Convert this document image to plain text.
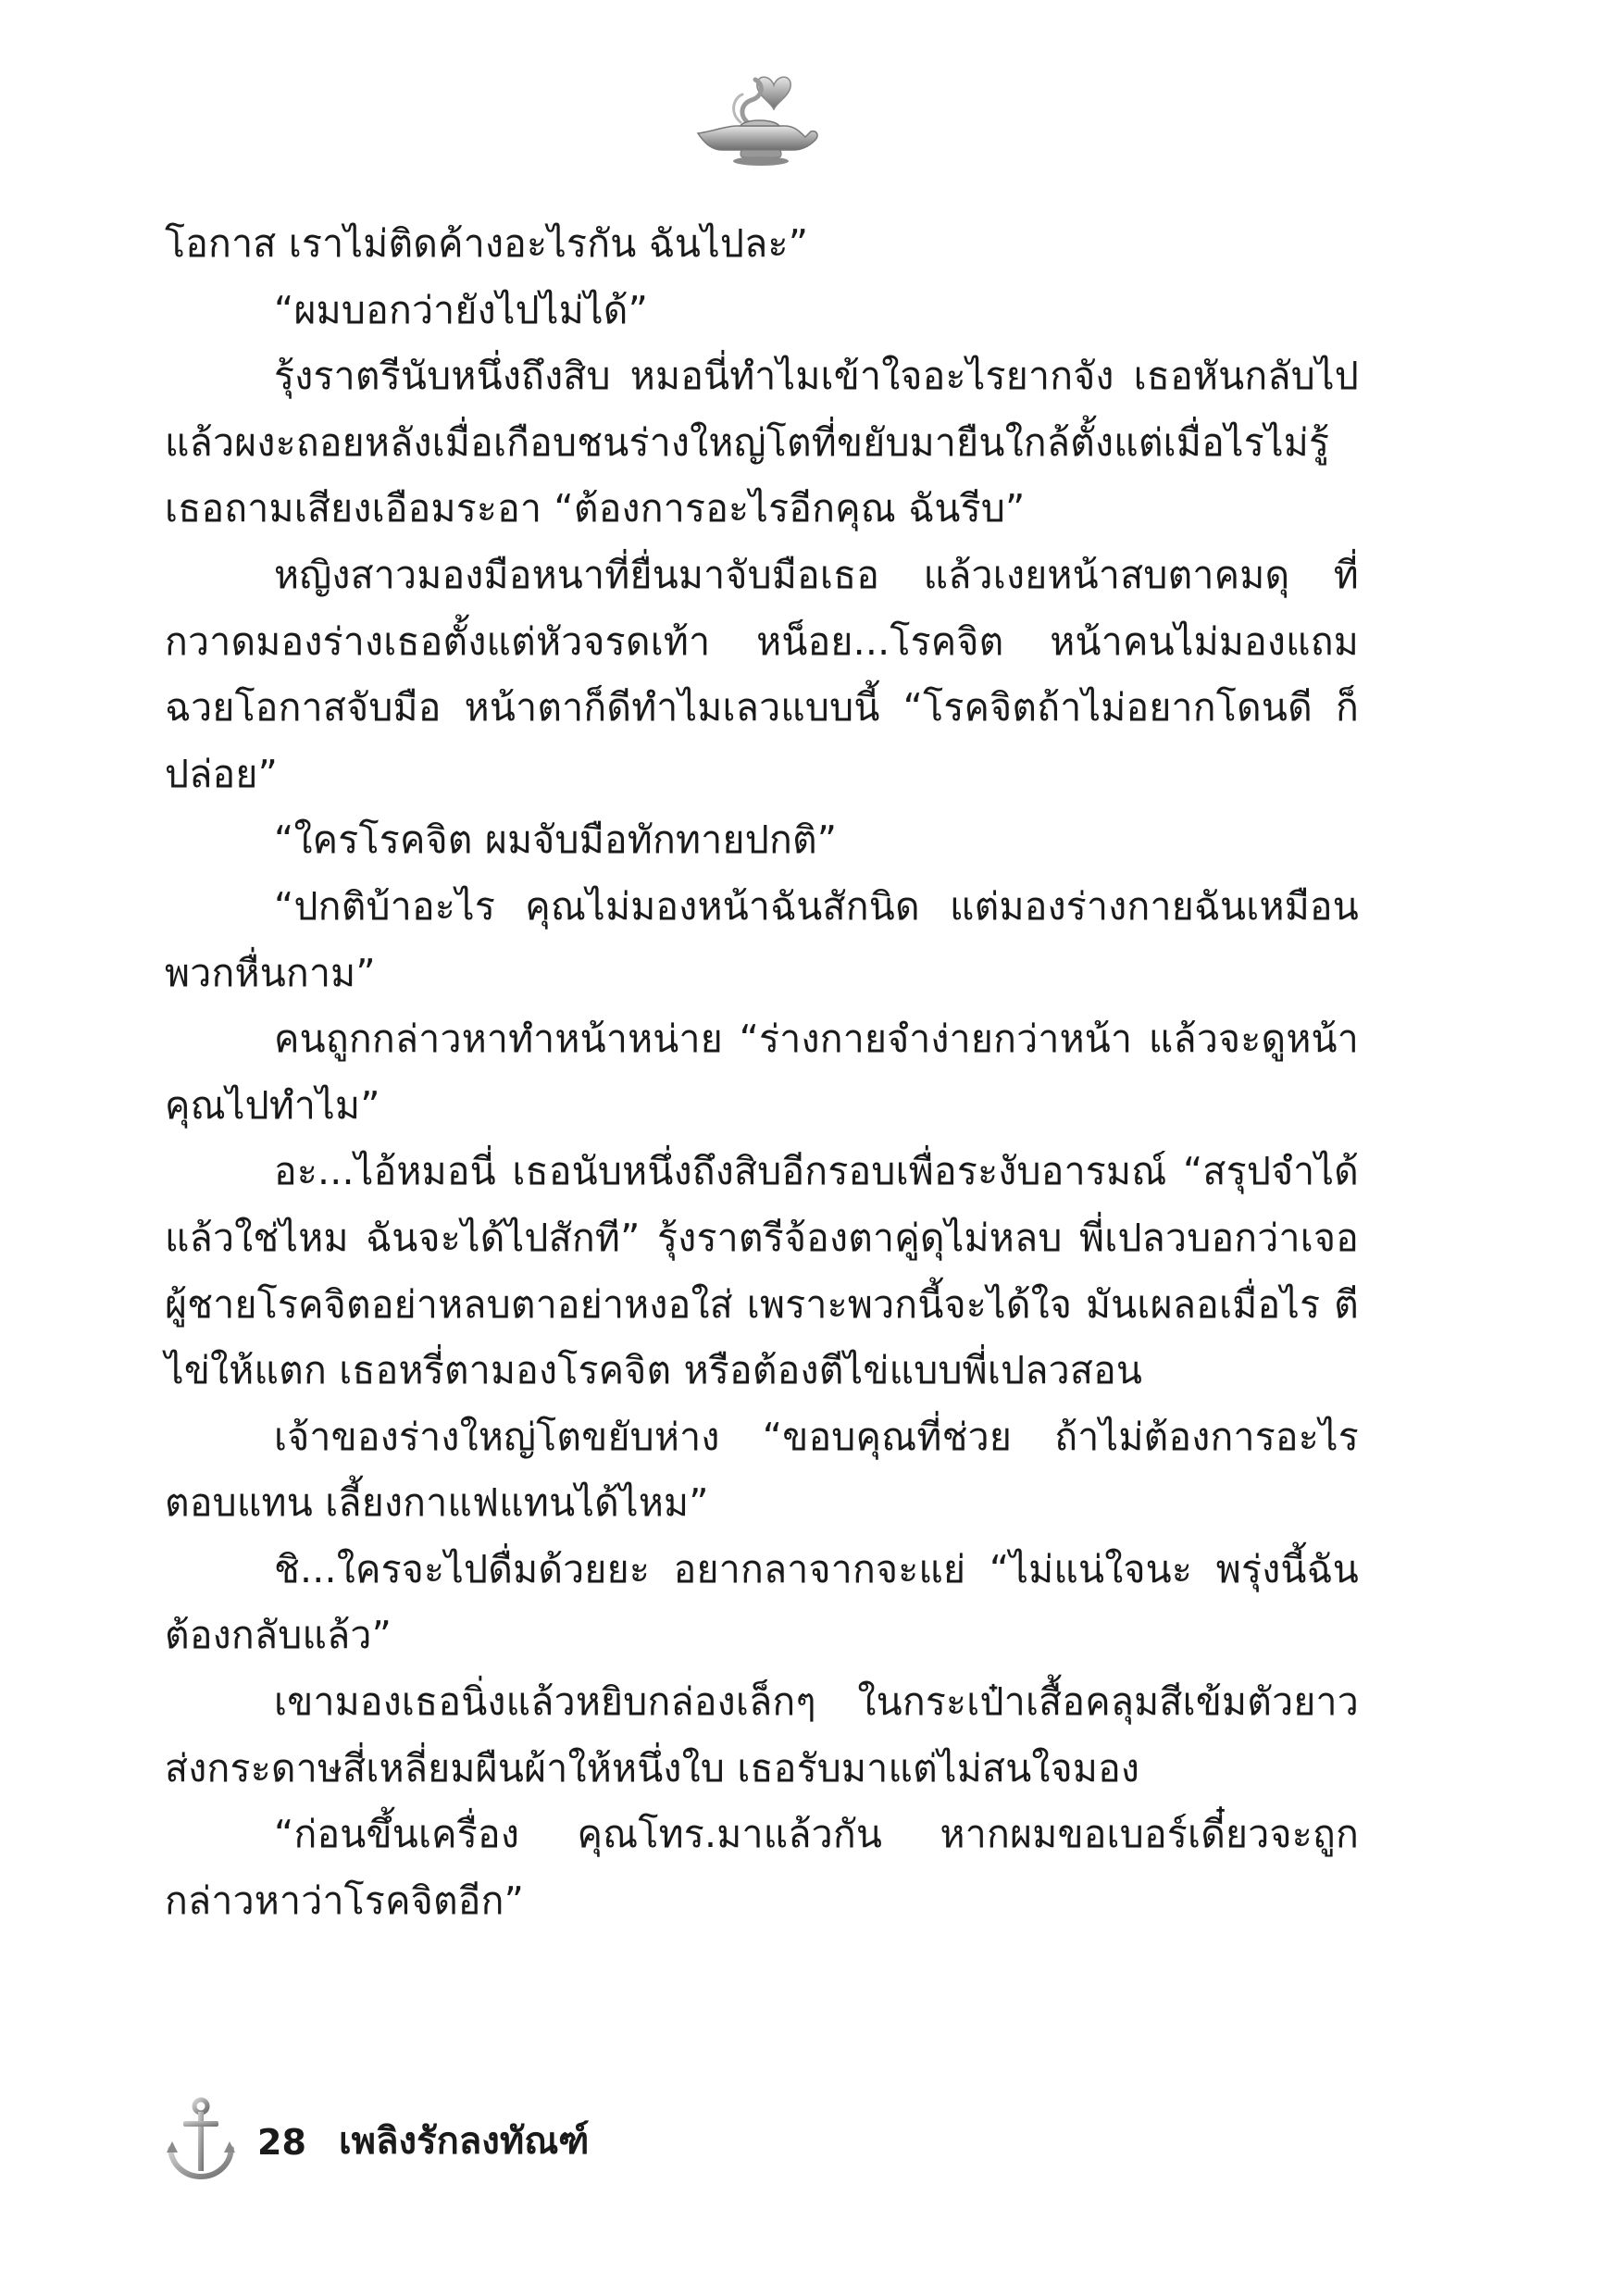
โอกาส เราไม่ติดค้างอะไรกัน ฉันไปละ”

“ผมบอกว่ายังไปไม่ได้”

รุ้งราตรีนับหนึ่งถึงสิบ หมอนี่ทำไมเข้าใจอะไรยากจัง เธอหันกลับไป แล้วผงะถอยหลังเมื่อเกือบชนร่างใหญ่โตที่ขยับมายืนใกล้ตั้งแต่เมื่อไรไม่รู้ เธอถามเสียงเอือมระอา “ต้องการอะไรอีกคุณ ฉันรีบ”

หญิงสาวมองมือหนาที่ยื่นมาจับมือเธอ แล้วเงยหน้าสบตาคมดุ ที่กวาดมองร่างเธอตั้งแต่หัวจรดเท้า หน็อย...โรคจิต หน้าคนไม่มองแถม ฉวยโอกาสจับมือ หน้าตาก็ดีทำไมเลวแบบนี้ “โรคจิตถ้าไม่อยากโดนดี ก็ปล่อย”

“ใครโรคจิต ผมจับมือทักทายปกติ”

“ปกติบ้าอะไร คุณไม่มองหน้าฉันสักนิด แต่มองร่างกายฉันเหมือน พวกหื่นกาม”

คนถูกกล่าวหาทำหน้าหน่าย “ร่างกายจำง่ายกว่าหน้า แล้วจะดูหน้า คุณไปทำไม”

อะ...ไอ้หมอนี่ เธอนับหนึ่งถึงสิบอีกรอบเพื่อระงับอารมณ์ “สรุปจำได้ แล้วใช่ไหม ฉันจะได้ไปสักที” รุ้งราตรีจ้องตาคู่ดุไม่หลบ พี่เปลวบอกว่าเจอ ผู้ชายโรคจิตอย่าหลบตาอย่าหงอใส่ เพราะพวกนี้จะได้ใจ มันเผลอเมื่อไร ตีไข่ให้แตก เธอหรี่ตามองโรคจิต หรือต้องตีไข่แบบพี่เปลวสอน

เจ้าของร่างใหญ่โตขยับห่าง “ขอบคุณที่ช่วย ถ้าไม่ต้องการอะไร ตอบแทน เลี้ยงกาแฟแทนได้ไหม”

ชิ...ใครจะไปดื่มด้วยยะ อยากลาจากจะแย่ “ไม่แน่ใจนะ พรุ่งนี้ฉัน ต้องกลับแล้ว”

เขามองเธอนิ่งแล้วหยิบกล่องเล็กๆ ในกระเป๋าเสื้อคลุมสีเข้มตัวยาว ส่งกระดาษสี่เหลี่ยมผืนผ้าให้หนึ่งใบ เธอรับมาแต่ไม่สนใจมอง

“ก่อนขึ้นเครื่อง คุณโทร.มาแล้วกัน หากผมขอเบอร์เดี๋ยวจะถูก กล่าวหาว่าโรคจิตอีก”

28 เพลิงรักลงทัณฑ์
